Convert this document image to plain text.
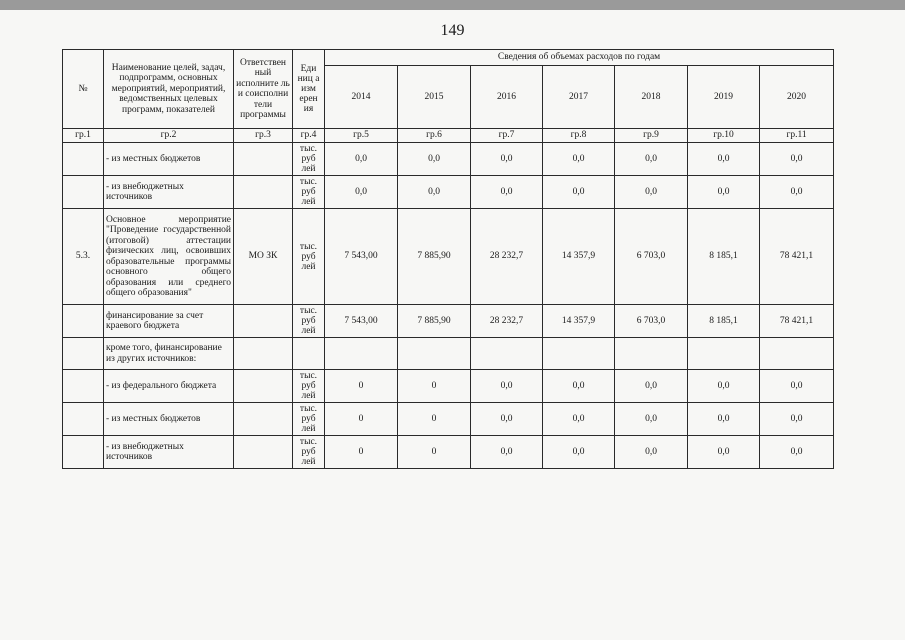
149
№	Наименование целей, задач, подпрограмм, основных мероприятий, мероприятий, ведомственных целевых программ, показателей	Ответствен ный исполните ль и соисполни тели программы	Еди ниц а изм ерен ия	Сведения об объемах расходов по годам						
				2014	2015	2016	2017	2018	2019	2020
гр.1	гр.2	гр.3	гр.4	гр.5	гр.6	гр.7	гр.8	гр.9	гр.10	гр.11
	- из местных бюджетов		тыс. руб лей	0,0	0,0	0,0	0,0	0,0	0,0	0,0
	- из внебюджетных источников		тыс. руб лей	0,0	0,0	0,0	0,0	0,0	0,0	0,0
5.3.	Основное мероприятие "Проведение государственной (итоговой) аттестации физических лиц, освоивших образовательные программы основного общего образования или среднего общего образования"	МО ЗК	тыс. руб лей	7 543,00	7 885,90	28 232,7	14 357,9	6 703,0	8 185,1	78 421,1
	финансирование за счет краевого бюджета		тыс. руб лей	7 543,00	7 885,90	28 232,7	14 357,9	6 703,0	8 185,1	78 421,1
	кроме того, финансирование из других источников:									
	- из федерального бюджета		тыс. руб лей	0	0	0,0	0,0	0,0	0,0	0,0
	- из местных бюджетов		тыс. руб лей	0	0	0,0	0,0	0,0	0,0	0,0
	- из внебюджетных источников		тыс. руб лей	0	0	0,0	0,0	0,0	0,0	0,0
